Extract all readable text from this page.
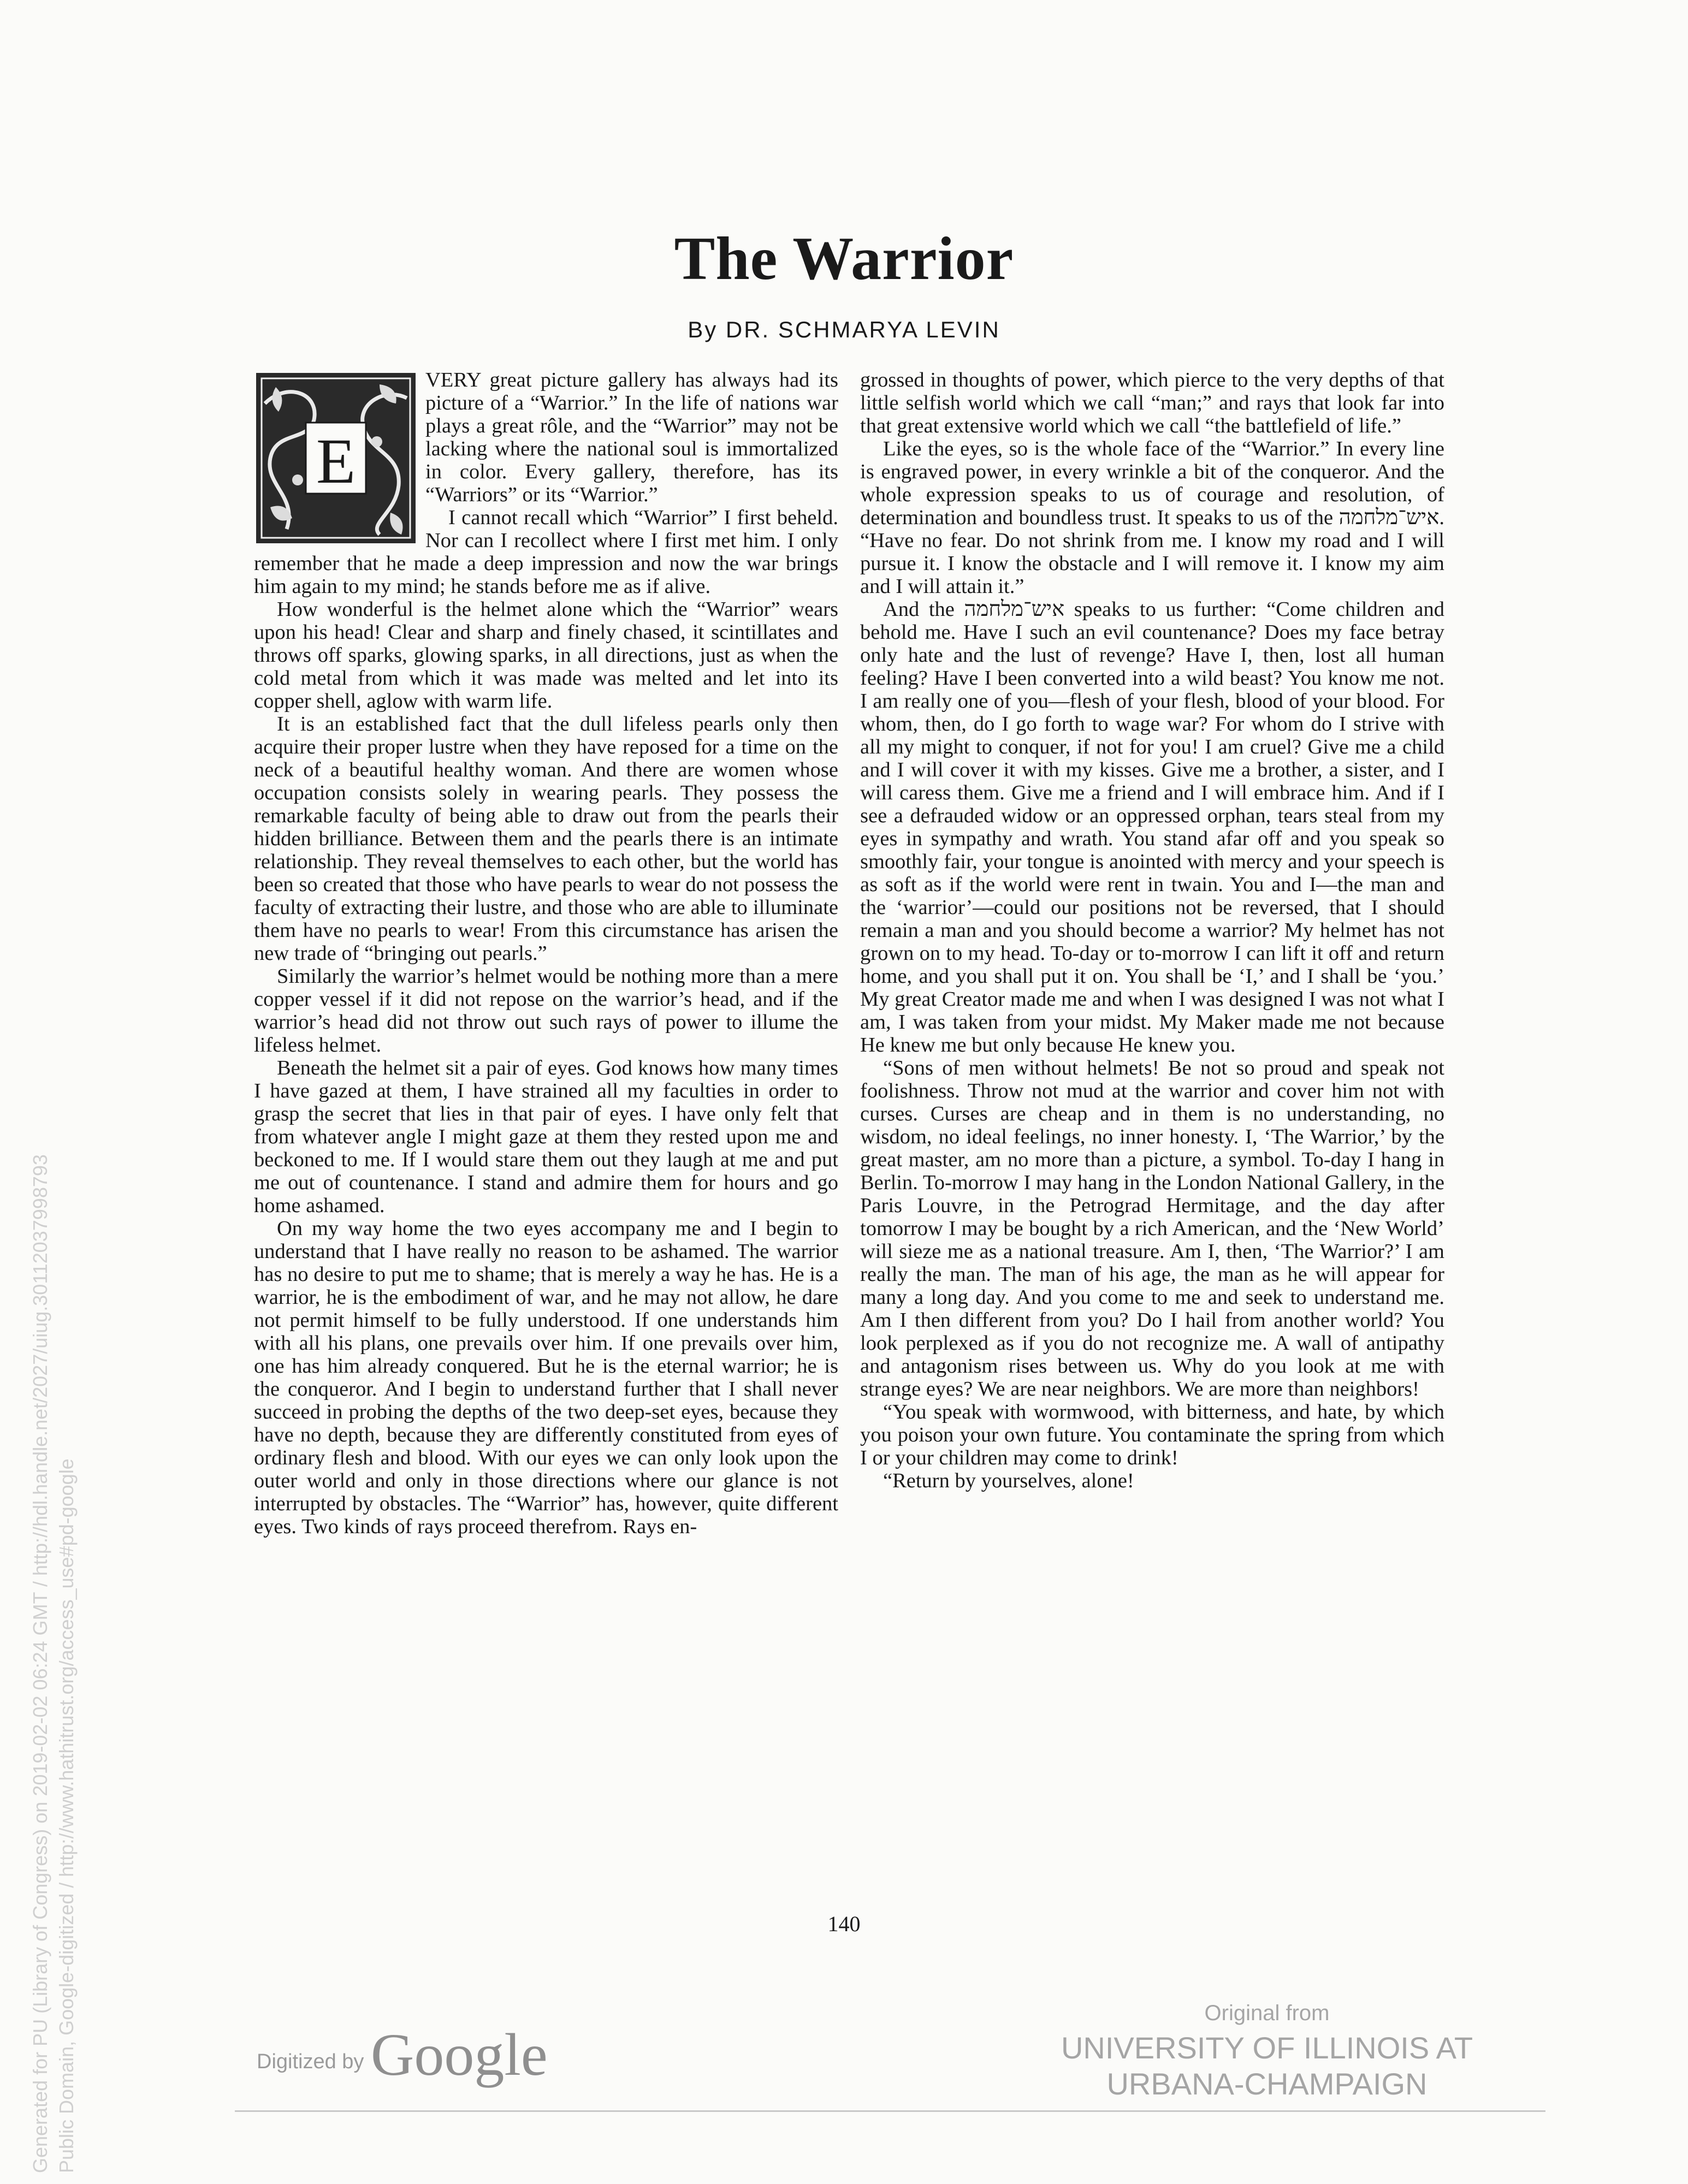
The Warrior
By DR. SCHMARYA LEVIN
E

VERY great picture gallery has always had its picture of a “Warrior.” In the life of nations war plays a great rôle, and the “Warrior” may not be lacking where the national soul is immortalized in color. Every gallery, therefore, has its “Warriors” or its “Warrior.”

I cannot recall which “Warrior” I first beheld. Nor can I recollect where I first met him. I only remember that he made a deep impression and now the war brings him again to my mind; he stands before me as if alive.

How wonderful is the helmet alone which the “Warrior” wears upon his head! Clear and sharp and finely chased, it scintillates and throws off sparks, glowing sparks, in all directions, just as when the cold metal from which it was made was melted and let into its copper shell, aglow with warm life.

It is an established fact that the dull lifeless pearls only then acquire their proper lustre when they have reposed for a time on the neck of a beautiful healthy woman. And there are women whose occupation consists solely in wearing pearls. They possess the remarkable faculty of being able to draw out from the pearls their hidden brilliance. Between them and the pearls there is an intimate relationship. They reveal themselves to each other, but the world has been so created that those who have pearls to wear do not possess the faculty of extracting their lustre, and those who are able to illuminate them have no pearls to wear! From this circumstance has arisen the new trade of “bringing out pearls.”

Similarly the warrior’s helmet would be nothing more than a mere copper vessel if it did not repose on the warrior’s head, and if the warrior’s head did not throw out such rays of power to illume the lifeless helmet.

Beneath the helmet sit a pair of eyes. God knows how many times I have gazed at them, I have strained all my faculties in order to grasp the secret that lies in that pair of eyes. I have only felt that from whatever angle I might gaze at them they rested upon me and beckoned to me. If I would stare them out they laugh at me and put me out of countenance. I stand and admire them for hours and go home ashamed.

On my way home the two eyes accompany me and I begin to understand that I have really no reason to be ashamed. The warrior has no desire to put me to shame; that is merely a way he has. He is a warrior, he is the embodiment of war, and he may not allow, he dare not permit himself to be fully understood. If one understands him with all his plans, one prevails over him. If one prevails over him, one has him already conquered. But he is the eternal warrior; he is the conqueror. And I begin to understand further that I shall never succeed in probing the depths of the two deep-set eyes, because they have no depth, because they are differently constituted from eyes of ordinary flesh and blood. With our eyes we can only look upon the outer world and only in those directions where our glance is not interrupted by obstacles. The “Warrior” has, however, quite different eyes. Two kinds of rays proceed therefrom. Rays en-

grossed in thoughts of power, which pierce to the very depths of that little selfish world which we call “man;” and rays that look far into that great extensive world which we call “the battlefield of life.”

Like the eyes, so is the whole face of the “Warrior.” In every line is engraved power, in every wrinkle a bit of the conqueror. And the whole expression speaks to us of courage and resolution, of determination and boundless trust. It speaks to us of the איש־מלחמה. “Have no fear. Do not shrink from me. I know my road and I will pursue it. I know the obstacle and I will remove it. I know my aim and I will attain it.”

And the איש־מלחמה speaks to us further: “Come children and behold me. Have I such an evil countenance? Does my face betray only hate and the lust of revenge? Have I, then, lost all human feeling? Have I been converted into a wild beast? You know me not. I am really one of you—flesh of your flesh, blood of your blood. For whom, then, do I go forth to wage war? For whom do I strive with all my might to conquer, if not for you! I am cruel? Give me a child and I will cover it with my kisses. Give me a brother, a sister, and I will caress them. Give me a friend and I will embrace him. And if I see a defrauded widow or an oppressed orphan, tears steal from my eyes in sympathy and wrath. You stand afar off and you speak so smoothly fair, your tongue is anointed with mercy and your speech is as soft as if the world were rent in twain. You and I—the man and the ‘warrior’—could our positions not be reversed, that I should remain a man and you should become a warrior? My helmet has not grown on to my head. To-day or to-morrow I can lift it off and return home, and you shall put it on. You shall be ‘I,’ and I shall be ‘you.’ My great Creator made me and when I was designed I was not what I am, I was taken from your midst. My Maker made me not because He knew me but only because He knew you.

“Sons of men without helmets! Be not so proud and speak not foolishness. Throw not mud at the warrior and cover him not with curses. Curses are cheap and in them is no understanding, no wisdom, no ideal feelings, no inner honesty. I, ‘The Warrior,’ by the great master, am no more than a picture, a symbol. To-day I hang in Berlin. To-morrow I may hang in the London National Gallery, in the Paris Louvre, in the Petrograd Hermitage, and the day after tomorrow I may be bought by a rich American, and the ‘New World’ will sieze me as a national treasure. Am I, then, ‘The Warrior?’ I am really the man. The man of his age, the man as he will appear for many a long day. And you come to me and seek to understand me. Am I then different from you? Do I hail from another world? You look perplexed as if you do not recognize me. A wall of antipathy and antagonism rises between us. Why do you look at me with strange eyes? We are near neighbors. We are more than neighbors!

“You speak with wormwood, with bitterness, and hate, by which you poison your own future. You contaminate the spring from which I or your children may come to drink!

“Return by yourselves, alone!

140
Digitized by Google
Original from
UNIVERSITY OF ILLINOIS AT
URBANA-CHAMPAIGN
Generated for PU (Library of Congress) on 2019-02-02 06:24 GMT / http://hdl.handle.net/2027/uiug.30112037998793 Public Domain, Google-digitized / http://www.hathitrust.org/access_use#pd-google
